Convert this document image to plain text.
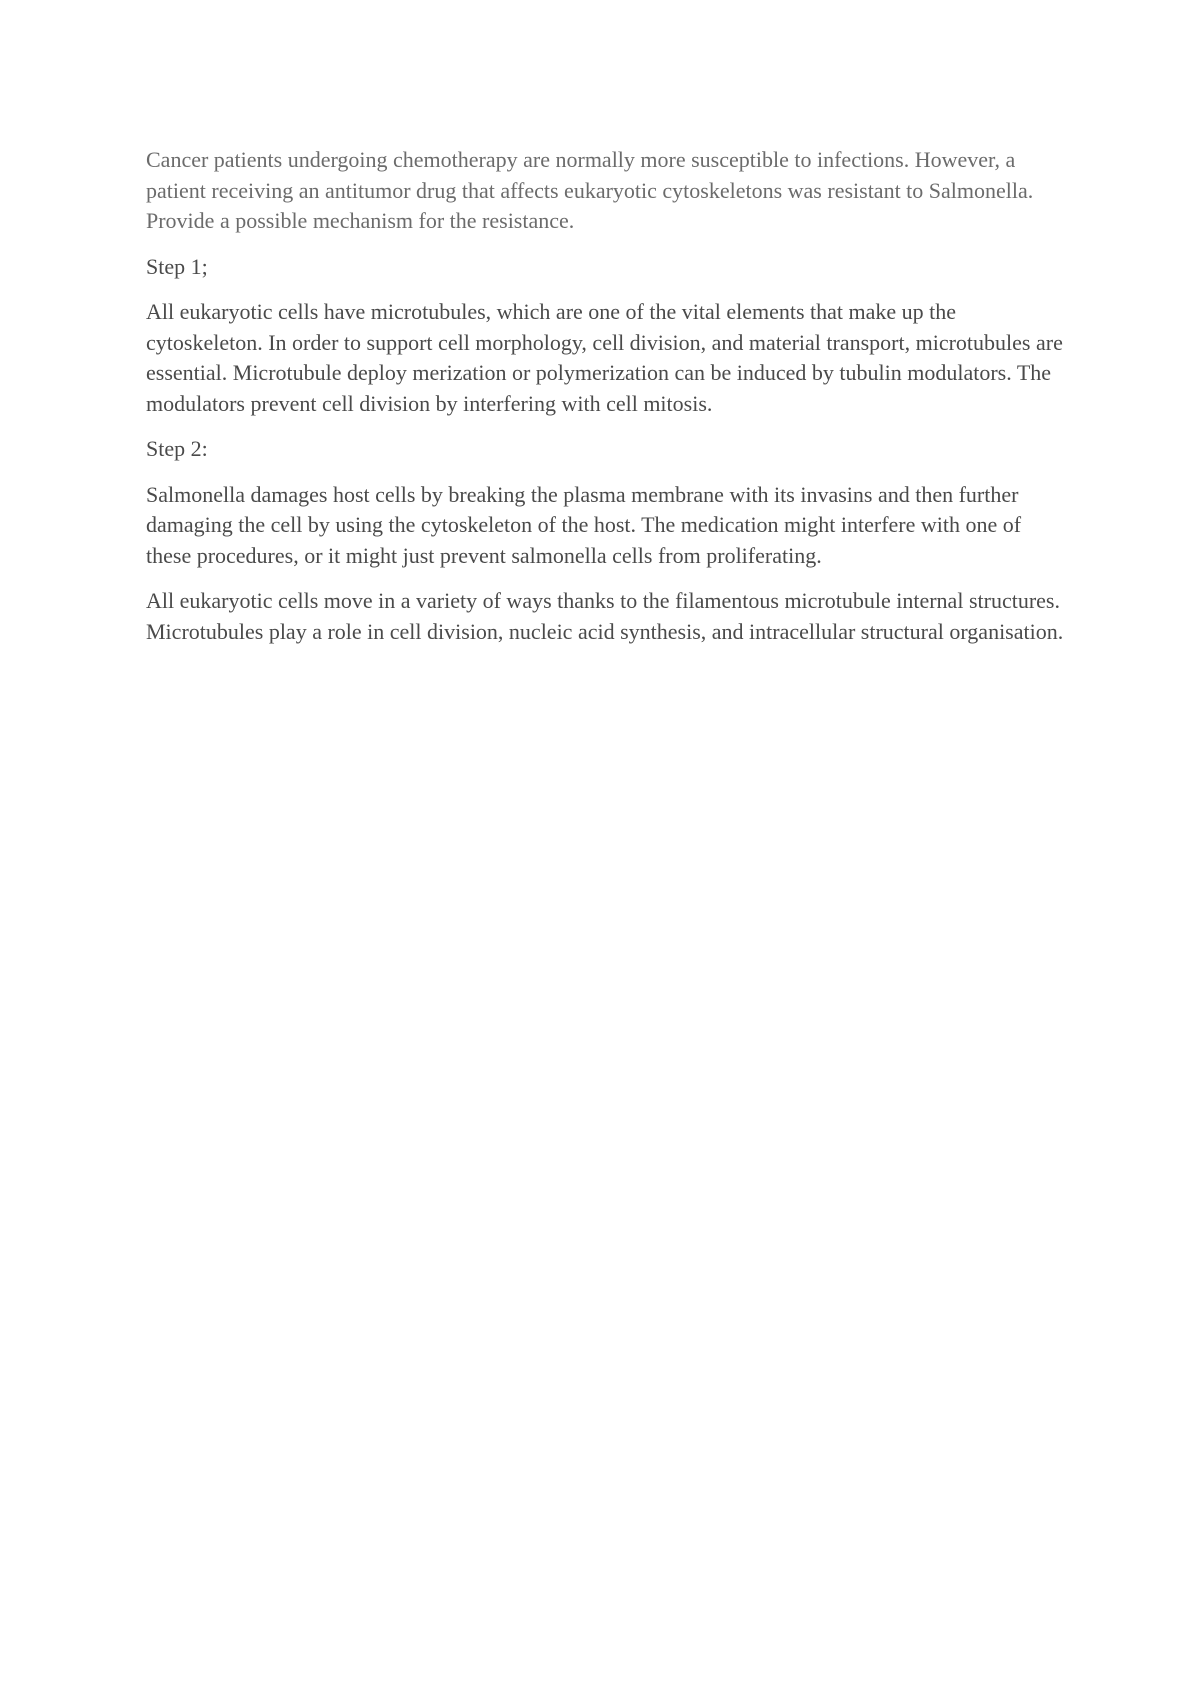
Cancer patients undergoing chemotherapy are normally more susceptible to infections. However, a patient receiving an antitumor drug that affects eukaryotic cytoskeletons was resistant to Salmonella. Provide a possible mechanism for the resistance.

Step 1;

All eukaryotic cells have microtubules, which are one of the vital elements that make up the cytoskeleton. In order to support cell morphology, cell division, and material transport, microtubules are essential. Microtubule deploy merization or polymerization can be induced by tubulin modulators. The modulators prevent cell division by interfering with cell mitosis.

Step 2:

Salmonella damages host cells by breaking the plasma membrane with its invasins and then further damaging the cell by using the cytoskeleton of the host. The medication might interfere with one of these procedures, or it might just prevent salmonella cells from proliferating.

All eukaryotic cells move in a variety of ways thanks to the filamentous microtubule internal structures. Microtubules play a role in cell division, nucleic acid synthesis, and intracellular structural organisation.
